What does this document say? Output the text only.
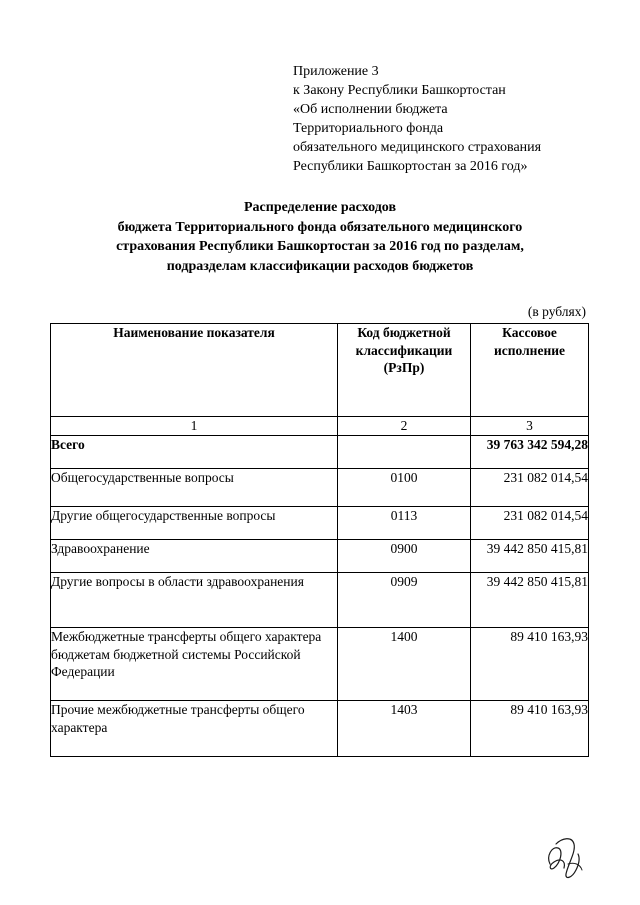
Приложение 3
к Закону Республики Башкортостан
«Об исполнении бюджета
Территориального фонда
обязательного медицинского страхования
Республики Башкортостан за 2016 год»
Распределение расходов
бюджета Территориального фонда обязательного медицинского
страхования Республики Башкортостан за 2016 год по разделам,
подразделам классификации расходов бюджетов
(в рублях)
Наименование показателя	Код бюджетной классификации (РзПр)	Кассовое исполнение
1	2	3
Всего		39 763 342 594,28
Общегосударственные вопросы	0100	231 082 014,54
Другие общегосударственные вопросы	0113	231 082 014,54
Здравоохранение	0900	39 442 850 415,81
Другие вопросы в области здравоохранения	0909	39 442 850 415,81
Межбюджетные трансферты общего характера бюджетам бюджетной системы Российской Федерации	1400	89 410 163,93
Прочие межбюджетные трансферты общего характера	1403	89 410 163,93
